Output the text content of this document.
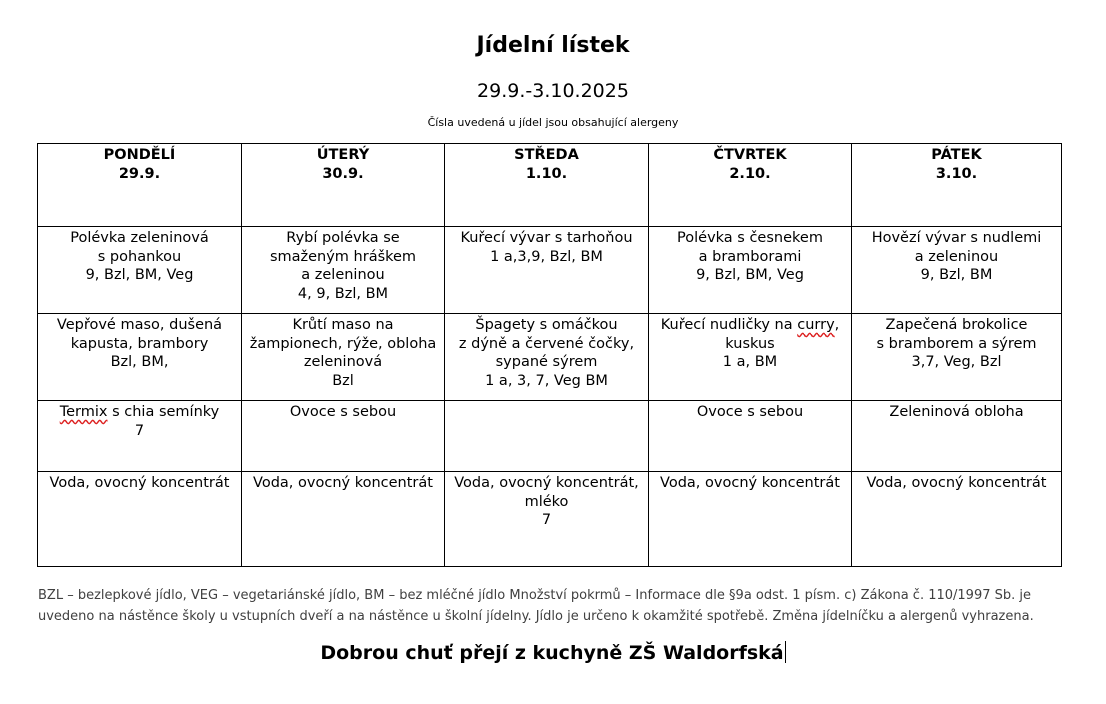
Jídelní lístek
29.9.-3.10.2025
Čísla uvedená u jídel jsou obsahující alergeny
PONDĚLÍ
29.9.	ÚTERÝ
30.9.	STŘEDA
1.10.	ČTVRTEK
2.10.	PÁTEK
3.10.

Polévka zeleninová
s pohankou
9, Bzl, BM, Veg	Rybí polévka se
smaženým hráškem
a zeleninou
4, 9, Bzl, BM	Kuřecí vývar s tarhoňou
1 a,3,9, Bzl, BM	Polévka s česnekem
a bramborami
9, Bzl, BM, Veg	Hovězí vývar s nudlemi
a zeleninou
9, Bzl, BM

Vepřové maso, dušená
kapusta, brambory
Bzl, BM,	Krůtí maso na
žampionech, rýže, obloha
zeleninová
Bzl	Špagety s omáčkou
z dýně a červené čočky,
sypané sýrem
1 a, 3, 7, Veg BM	Kuřecí nudličky na curry,
kuskus
1 a, BM	Zapečená brokolice
s bramborem a sýrem
3,7, Veg, Bzl

Termix s chia semínky
7	Ovoce s sebou		Ovoce s sebou	Zeleninová obloha

Voda, ovocný koncentrát	Voda, ovocný koncentrát	Voda, ovocný koncentrát,
mléko
7	Voda, ovocný koncentrát	Voda, ovocný koncentrát
BZL – bezlepkové jídlo, VEG – vegetariánské jídlo, BM – bez mléčné jídlo Množství pokrmů – Informace dle §9a odst. 1 písm. c) Zákona č. 110/1997 Sb. je uvedeno na nástěnce školy u vstupních dveří a na nástěnce u školní jídelny. Jídlo je určeno k okamžité spotřebě. Změna jídelníčku a alergenů vyhrazena.
Dobrou chuť přejí z kuchyně ZŠ Waldorfská
